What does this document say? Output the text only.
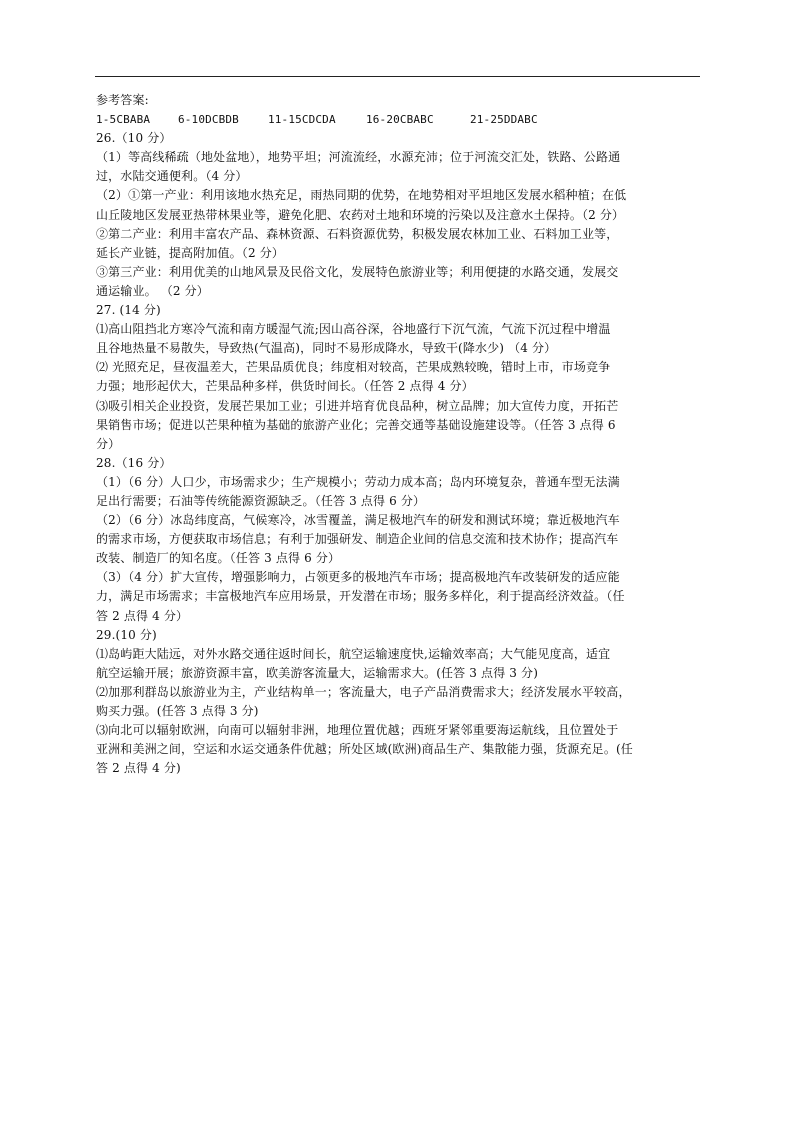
参考答案:
1-5CBABA	6-10DCBDB	11-15CDCDA	16-20CBABC	21-25DDABC
26.（10 分）
（1）等高线稀疏（地处盆地），地势平坦；河流流经，水源充沛；位于河流交汇处，铁路、公路通
过，水陆交通便利。（4 分）
（2）①第一产业：利用该地水热充足，雨热同期的优势，在地势相对平坦地区发展水稻种植；在低
山丘陵地区发展亚热带林果业等，避免化肥、农药对土地和环境的污染以及注意水土保持。（2 分）
②第二产业：利用丰富农产品、森林资源、石料资源优势，积极发展农林加工业、石料加工业等，
延长产业链，提高附加值。（2 分）
③第三产业：利用优美的山地风景及民俗文化，发展特色旅游业等；利用便捷的水路交通，发展交
通运输业。 （2 分）
27. (14 分)
⑴高山阻挡北方寒冷气流和南方暖湿气流;因山高谷深，谷地盛行下沉气流，气流下沉过程中增温
且谷地热量不易散失，导致热(气温高)，同时不易形成降水，导致干(降水少) （4 分）
⑵ 光照充足，昼夜温差大，芒果品质优良；纬度相对较高，芒果成熟较晚，错时上市，市场竞争
力强；地形起伏大，芒果品种多样，供货时间长。（任答 2 点得 4 分）
⑶吸引相关企业投资，发展芒果加工业；引进并培育优良品种，树立品牌；加大宣传力度，开拓芒
果销售市场；促进以芒果种植为基础的旅游产业化；完善交通等基础设施建设等。（任答 3 点得 6
分）
28.（16 分）
（1）（6 分）人口少，市场需求少；生产规模小；劳动力成本高；岛内环境复杂，普通车型无法满
足出行需要；石油等传统能源资源缺乏。（任答 3 点得 6 分）
（2）（6 分）冰岛纬度高，气候寒冷，冰雪覆盖，满足极地汽车的研发和测试环境；靠近极地汽车
的需求市场，方便获取市场信息；有利于加强研发、制造企业间的信息交流和技术协作；提高汽车
改装、制造厂的知名度。（任答 3 点得 6 分）
（3）（4 分）扩大宣传，增强影响力，占领更多的极地汽车市场；提高极地汽车改装研发的适应能
力，满足市场需求；丰富极地汽车应用场景，开发潜在市场；服务多样化，利于提高经济效益。（任
答 2 点得 4 分）
29.(10 分)
⑴岛屿距大陆远，对外水路交通往返时间长，航空运输速度快,运输效率高；大气能见度高，适宜
航空运输开展；旅游资源丰富，欧美游客流量大，运输需求大。(任答 3 点得 3 分)
⑵加那利群岛以旅游业为主，产业结构单一；客流量大，电子产品消费需求大；经济发展水平较高，
购买力强。(任答 3 点得 3 分)
⑶向北可以辐射欧洲，向南可以辐射非洲，地理位置优越；西班牙紧邻重要海运航线，且位置处于
亚洲和美洲之间，空运和水运交通条件优越；所处区域(欧洲)商品生产、集散能力强，货源充足。(任
答 2 点得 4 分)
